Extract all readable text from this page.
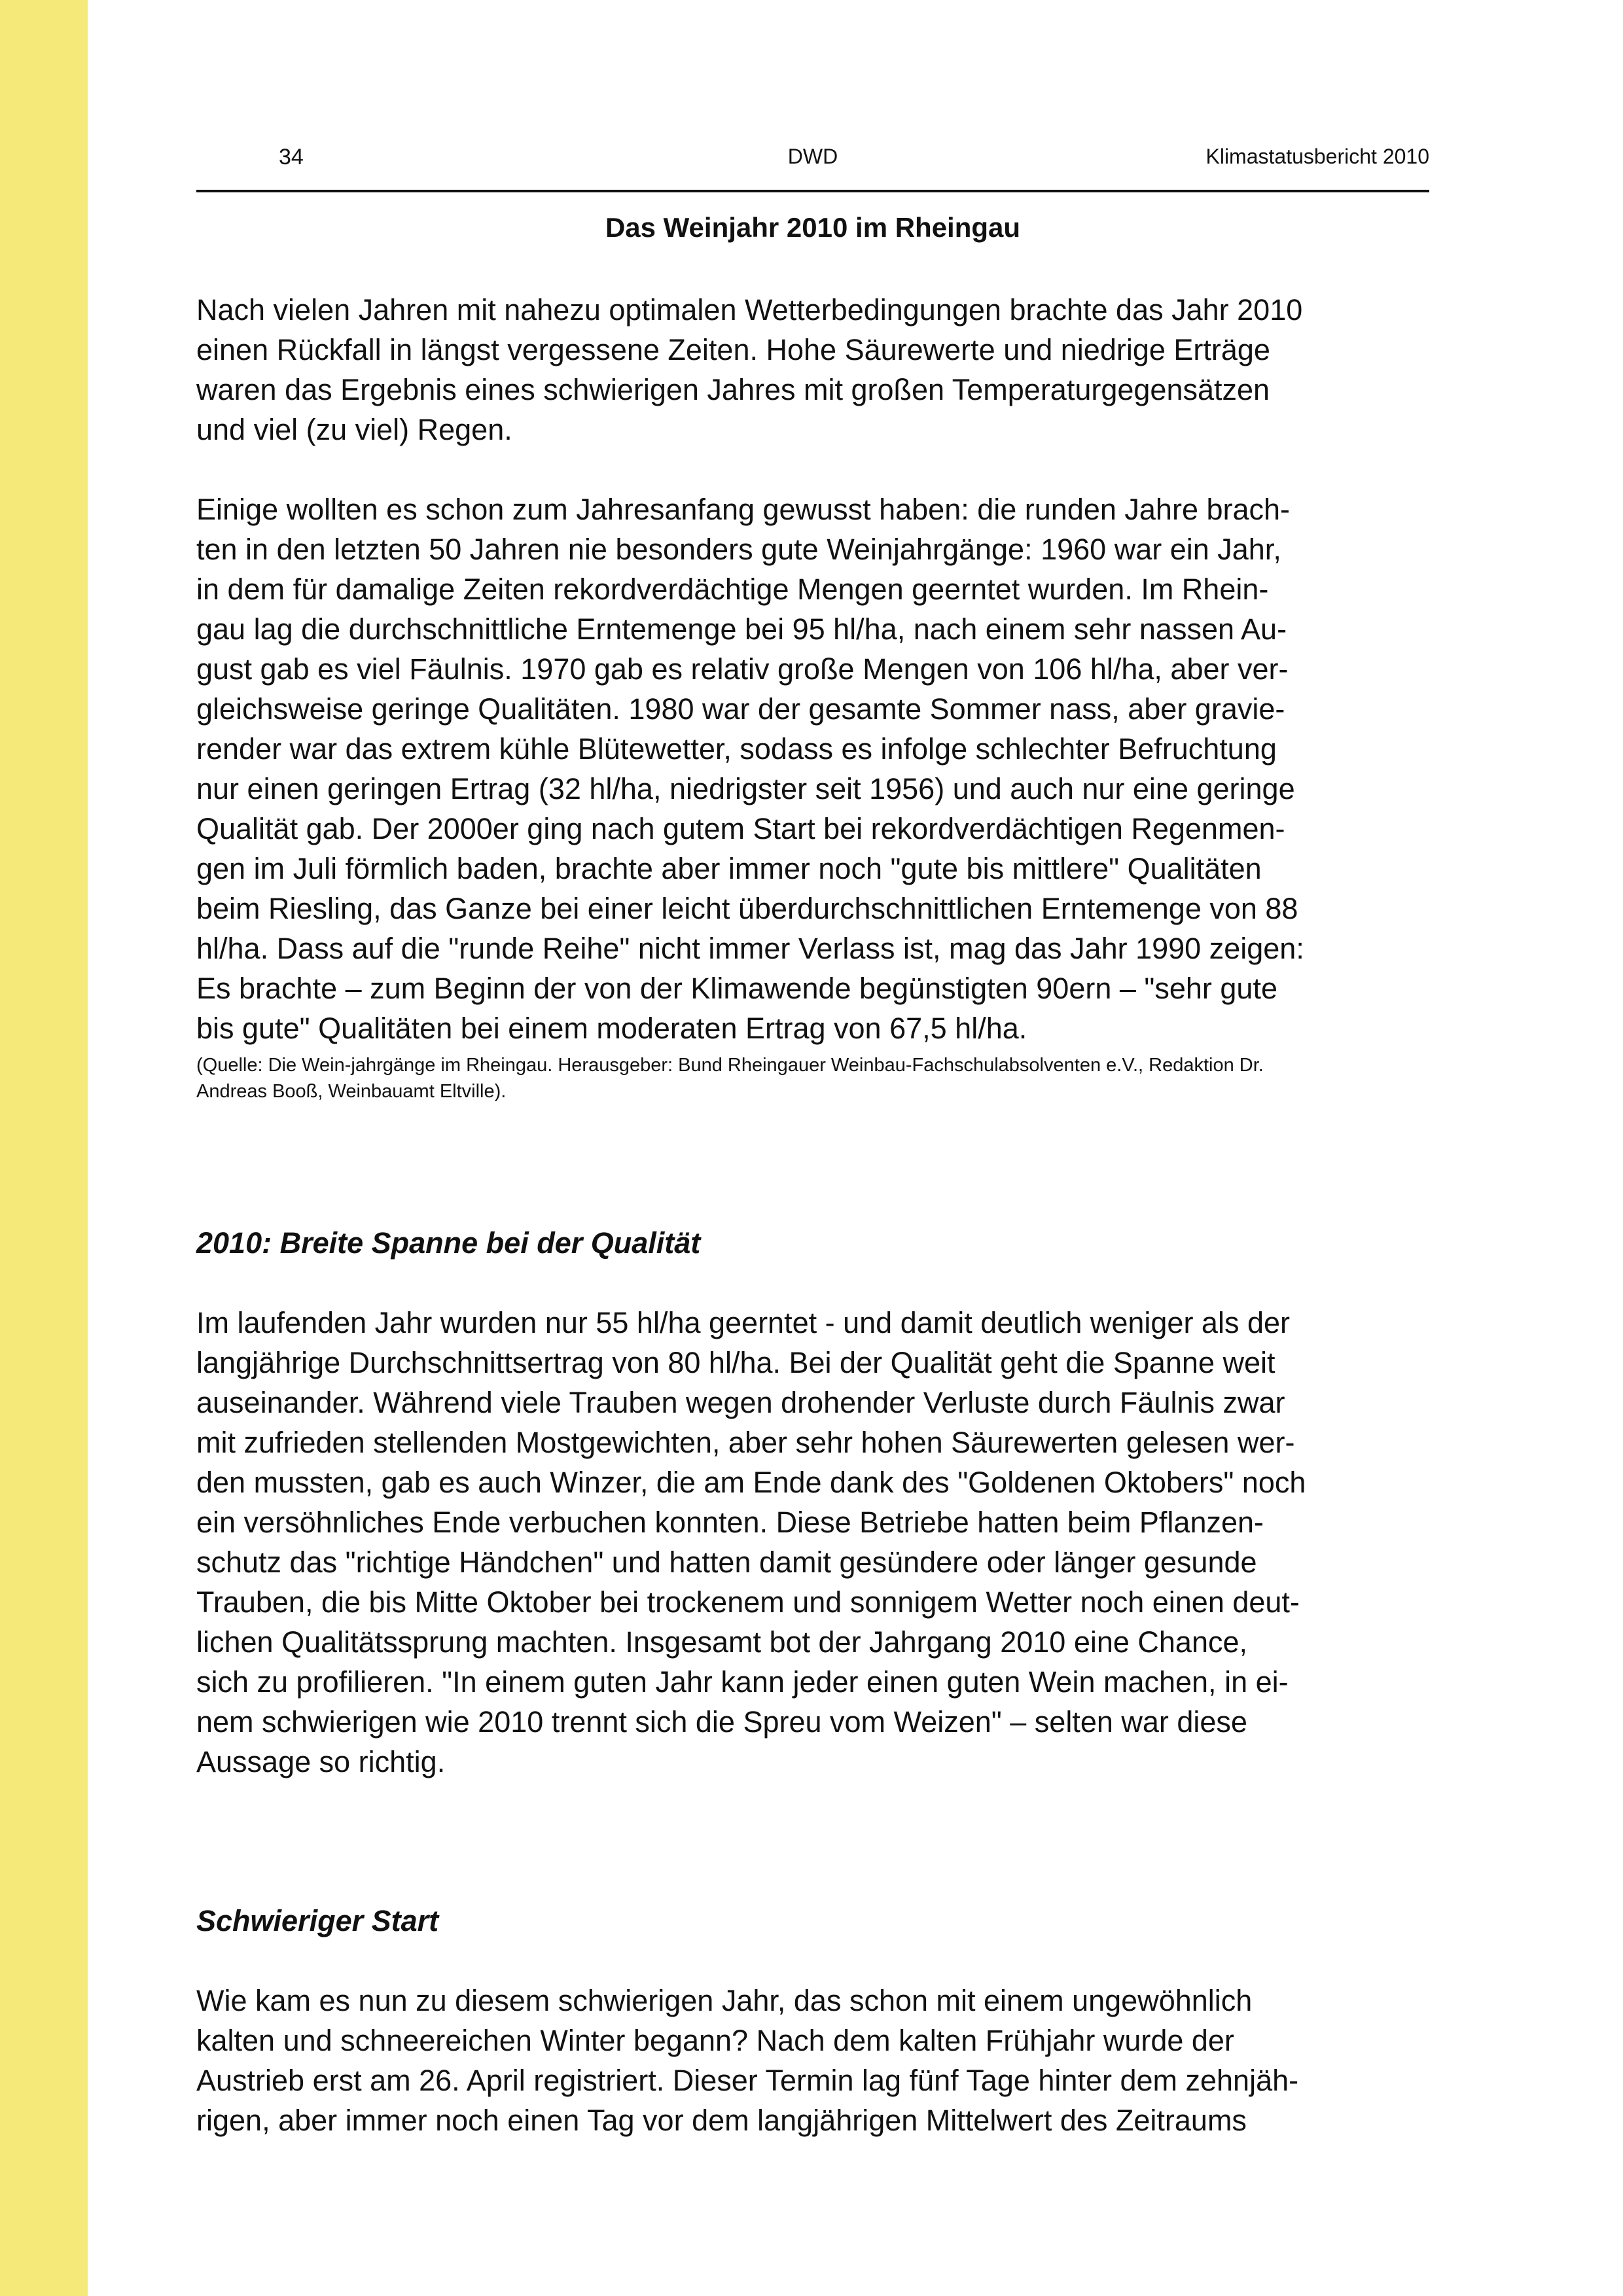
DWD
34	Klimastatusbericht 2010
Das Weinjahr 2010 im Rheingau

Nach vielen Jahren mit nahezu optimalen Wetterbedingungen brachte das Jahr 2010

einen Rückfall in längst vergessene Zeiten. Hohe Säurewerte und niedrige Erträge

waren das Ergebnis eines schwierigen Jahres mit großen Temperaturgegensätzen

und viel (zu viel) Regen.

Einige wollten es schon zum Jahresanfang gewusst haben: die runden Jahre brach-

ten in den letzten 50 Jahren nie besonders gute Weinjahrgänge: 1960 war ein Jahr,

in dem für damalige Zeiten rekordverdächtige Mengen geerntet wurden. Im Rhein-

gau lag die durchschnittliche Erntemenge bei 95 hl/ha, nach einem sehr nassen Au-

gust gab es viel Fäulnis. 1970 gab es relativ große Mengen von 106 hl/ha, aber ver-

gleichsweise geringe Qualitäten. 1980 war der gesamte Sommer nass, aber gravie-

render war das extrem kühle Blütewetter, sodass es infolge schlechter Befruchtung

nur einen geringen Ertrag (32 hl/ha, niedrigster seit 1956) und auch nur eine geringe

Qualität gab. Der 2000er ging nach gutem Start bei rekordverdächtigen Regenmen-

gen im Juli förmlich baden, brachte aber immer noch "gute bis mittlere" Qualitäten

beim Riesling, das Ganze bei einer leicht überdurchschnittlichen Erntemenge von 88

hl/ha. Dass auf die "runde Reihe" nicht immer Verlass ist, mag das Jahr 1990 zeigen:

Es brachte – zum Beginn der von der Klimawende begünstigten 90ern – "sehr gute

bis gute" Qualitäten bei einem moderaten Ertrag von 67,5 hl/ha.

(Quelle: Die Wein-jahrgänge im Rheingau. Herausgeber: Bund Rheingauer Weinbau-Fachschulabsolventen e.V., Redaktion Dr.

Andreas Booß, Weinbauamt Eltville).

2010: Breite Spanne bei der Qualität

Im laufenden Jahr wurden nur 55 hl/ha geerntet - und damit deutlich weniger als der

langjährige Durchschnittsertrag von 80 hl/ha. Bei der Qualität geht die Spanne weit

auseinander. Während viele Trauben wegen drohender Verluste durch Fäulnis zwar

mit zufrieden stellenden Mostgewichten, aber sehr hohen Säurewerten gelesen wer-

den mussten, gab es auch Winzer, die am Ende dank des "Goldenen Oktobers" noch

ein versöhnliches Ende verbuchen konnten. Diese Betriebe hatten beim Pflanzen-

schutz das "richtige Händchen" und hatten damit gesündere oder länger gesunde

Trauben, die bis Mitte Oktober bei trockenem und sonnigem Wetter noch einen deut-

lichen Qualitätssprung machten. Insgesamt bot der Jahrgang 2010 eine Chance,

sich zu profilieren. "In einem guten Jahr kann jeder einen guten Wein machen, in ei-

nem schwierigen wie 2010 trennt sich die Spreu vom Weizen" – selten war diese

Aussage so richtig.

Schwieriger Start

Wie kam es nun zu diesem schwierigen Jahr, das schon mit einem ungewöhnlich

kalten und schneereichen Winter begann? Nach dem kalten Frühjahr wurde der

Austrieb erst am 26. April registriert. Dieser Termin lag fünf Tage hinter dem zehnjäh-

rigen, aber immer noch einen Tag vor dem langjährigen Mittelwert des Zeitraums
